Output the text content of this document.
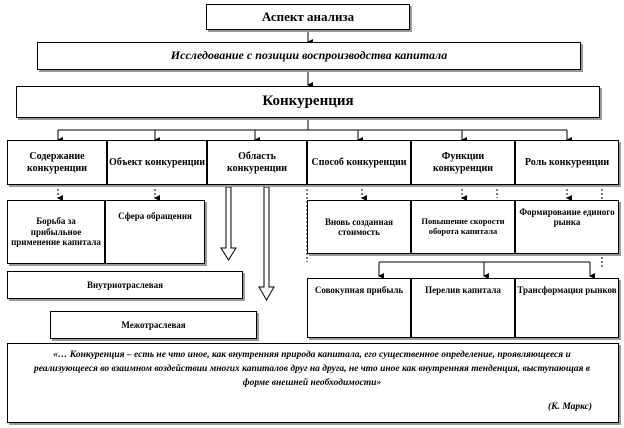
Аспект анализа
Исследование с позиции воспроизводства капитала
Конкуренция
Содержание конкуренции
Объект конкуренции
Область конкуренции
Способ конкуренции
Функции конкуренции
Роль конкуренции
Борьба за прибыльное применение капитала
Сфера обращения
Вновь созданная стоимость
Повышение скорости оборота капитала
Формирование единого рынка
Внутриотраслевая
Межотраслевая
Совокупная прибыль Перелив капитала Трансформация рынков
«… Конкуренция – есть не что иное, как внутренняя природа капитала, его существенное определение, проявляющееся и реализующееся во взаимном воздействии многих капиталов друг на друга, не что иное как внутренняя тенденция, выступающая в форме внешней необходимости»
(К. Маркс)
